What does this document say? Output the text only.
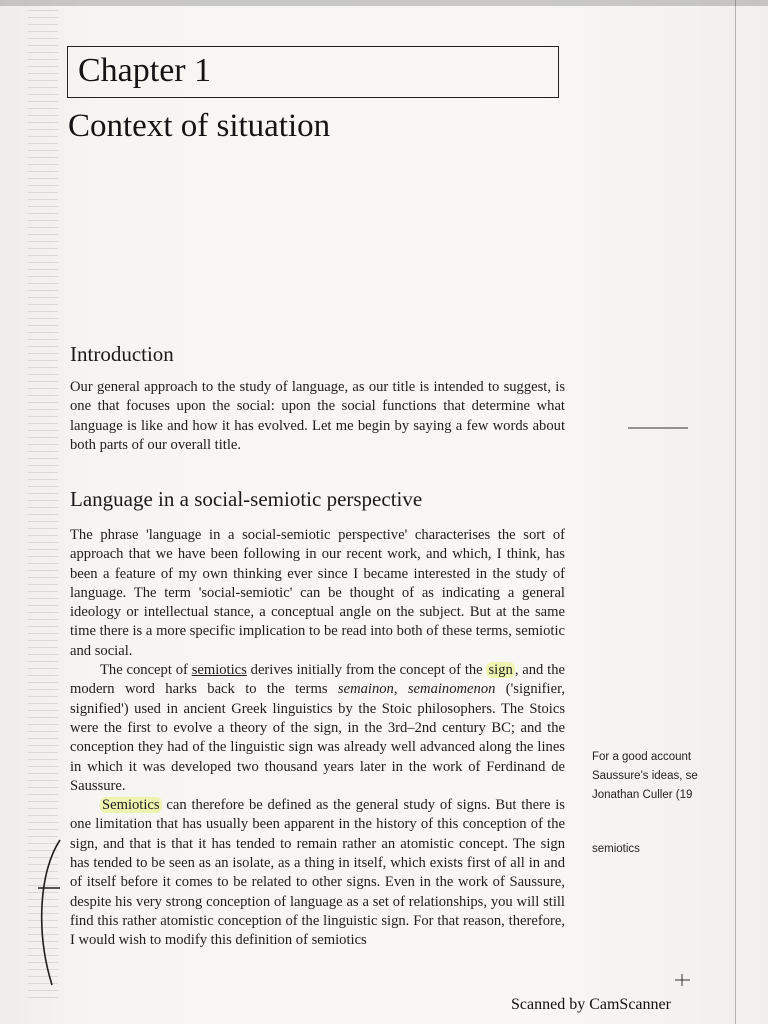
Chapter 1
Context of situation
Introduction

Our general approach to the study of language, as our title is intended to suggest, is one that focuses upon the social: upon the social functions that determine what language is like and how it has evolved. Let me begin by saying a few words about both parts of our overall title.

Language in a social-semiotic perspective

The phrase 'language in a social-semiotic perspective' characterises the sort of approach that we have been following in our recent work, and which, I think, has been a feature of my own thinking ever since I became interested in the study of language. The term 'social-semiotic' can be thought of as indicating a general ideology or intellectual stance, a conceptual angle on the subject. But at the same time there is a more specific implication to be read into both of these terms, semiotic and social.

The concept of semiotics derives initially from the concept of the sign , and the modern word harks back to the terms semainon, semainomenon ('signifier, signified') used in ancient Greek linguistics by the Stoic philosophers. The Stoics were the first to evolve a theory of the sign, in the 3rd–2nd century BC; and the conception they had of the linguistic sign was already well advanced along the lines in which it was developed two thousand years later in the work of Ferdinand de Saussure.

Semiotics can therefore be defined as the general study of signs. But there is one limitation that has usually been apparent in the history of this conception of the sign, and that is that it has tended to remain rather an atomistic concept. The sign has tended to be seen as an isolate, as a thing in itself, which exists first of all in and of itself before it comes to be related to other signs. Even in the work of Saussure, despite his very strong conception of language as a set of relationships, you will still find this rather atomistic conception of the linguistic sign. For that reason, therefore, I would wish to modify this definition of semiotics

For a good account
Saussure's ideas, se
Jonathan Culler (19
semiotics
Scanned by CamScanner
